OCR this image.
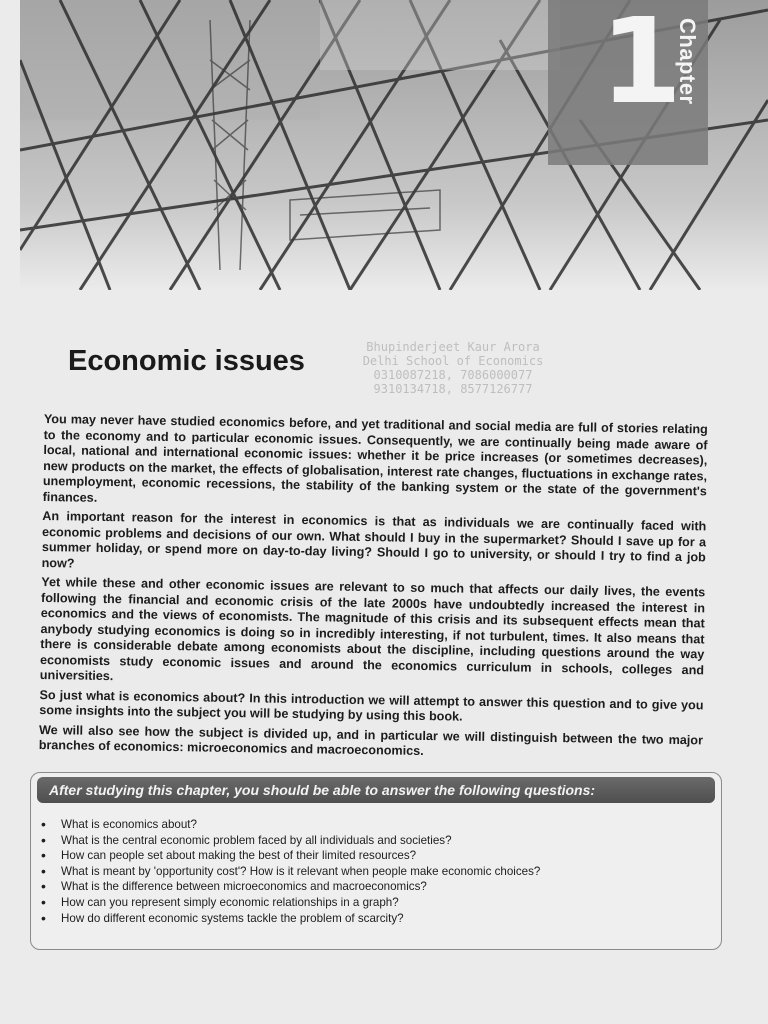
1
Chapter
Economic issues	Bhupinderjeet Kaur Arora
Delhi School of Economics
0310087218, 7086000077
9310134718, 8577126777

You may never have studied economics before, and yet traditional and social media are full of stories relating to the economy and to particular economic issues. Consequently, we are continually being made aware of local, national and international economic issues: whether it be price increases (or sometimes decreases), new products on the market, the effects of globalisation, interest rate changes, fluctuations in exchange rates, unemployment, economic recessions, the stability of the banking system or the state of the government's finances.

An important reason for the interest in economics is that as individuals we are continually faced with economic problems and decisions of our own. What should I buy in the supermarket? Should I save up for a summer holiday, or spend more on day-to-day living? Should I go to university, or should I try to find a job now?

Yet while these and other economic issues are relevant to so much that affects our daily lives, the events following the financial and economic crisis of the late 2000s have undoubtedly increased the interest in economics and the views of economists. The magnitude of this crisis and its subsequent effects mean that anybody studying economics is doing so in incredibly interesting, if not turbulent, times. It also means that there is considerable debate among economists about the discipline, including questions around the way economists study economic issues and around the economics curriculum in schools, colleges and universities.

So just what is economics about? In this introduction we will attempt to answer this question and to give you some insights into the subject you will be studying by using this book.

We will also see how the subject is divided up, and in particular we will distinguish between the two major branches of economics: microeconomics and macroeconomics.

After studying this chapter, you should be able to answer the following questions:
•	What is economics about?
•	What is the central economic problem faced by all individuals and societies?
•	How can people set about making the best of their limited resources?
•	What is meant by 'opportunity cost'? How is it relevant when people make economic choices?
•	What is the difference between microeconomics and macroeconomics?
•	How can you represent simply economic relationships in a graph?
•	How do different economic systems tackle the problem of scarcity?
